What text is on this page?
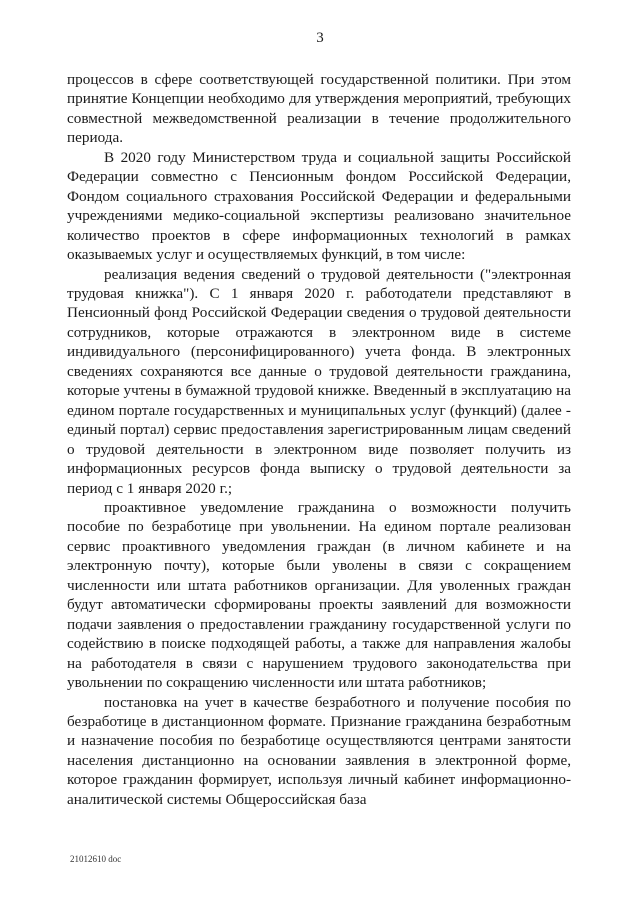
3

процессов в сфере соответствующей государственной политики. При этом принятие Концепции необходимо для утверждения мероприятий, требующих совместной межведомственной реализации в течение продолжительного периода.

В 2020 году Министерством труда и социальной защиты Российской Федерации совместно с Пенсионным фондом Российской Федерации, Фондом социального страхования Российской Федерации и федеральными учреждениями медико-социальной экспертизы реализовано значительное количество проектов в сфере информационных технологий в рамках оказываемых услуг и осуществляемых функций, в том числе:

реализация ведения сведений о трудовой деятельности ("электронная трудовая книжка"). С 1 января 2020 г. работодатели представляют в Пенсионный фонд Российской Федерации сведения о трудовой деятельности сотрудников, которые отражаются в электронном виде в системе индивидуального (персонифицированного) учета фонда. В электронных сведениях сохраняются все данные о трудовой деятельности гражданина, которые учтены в бумажной трудовой книжке. Введенный в эксплуатацию на едином портале государственных и муниципальных услуг (функций) (далее - единый портал) сервис предоставления зарегистрированным лицам сведений о трудовой деятельности в электронном виде позволяет получить из информационных ресурсов фонда выписку о трудовой деятельности за период с 1 января 2020 г.;

проактивное уведомление гражданина о возможности получить пособие по безработице при увольнении. На едином портале реализован сервис проактивного уведомления граждан (в личном кабинете и на электронную почту), которые были уволены в связи с сокращением численности или штата работников организации. Для уволенных граждан будут автоматически сформированы проекты заявлений для возможности подачи заявления о предоставлении гражданину государственной услуги по содействию в поиске подходящей работы, а также для направления жалобы на работодателя в связи с нарушением трудового законодательства при увольнении по сокращению численности или штата работников;

постановка на учет в качестве безработного и получение пособия по безработице в дистанционном формате. Признание гражданина безработным и назначение пособия по безработице осуществляются центрами занятости населения дистанционно на основании заявления в электронной форме, которое гражданин формирует, используя личный кабинет информационно-аналитической системы Общероссийская база

21012610 doc
